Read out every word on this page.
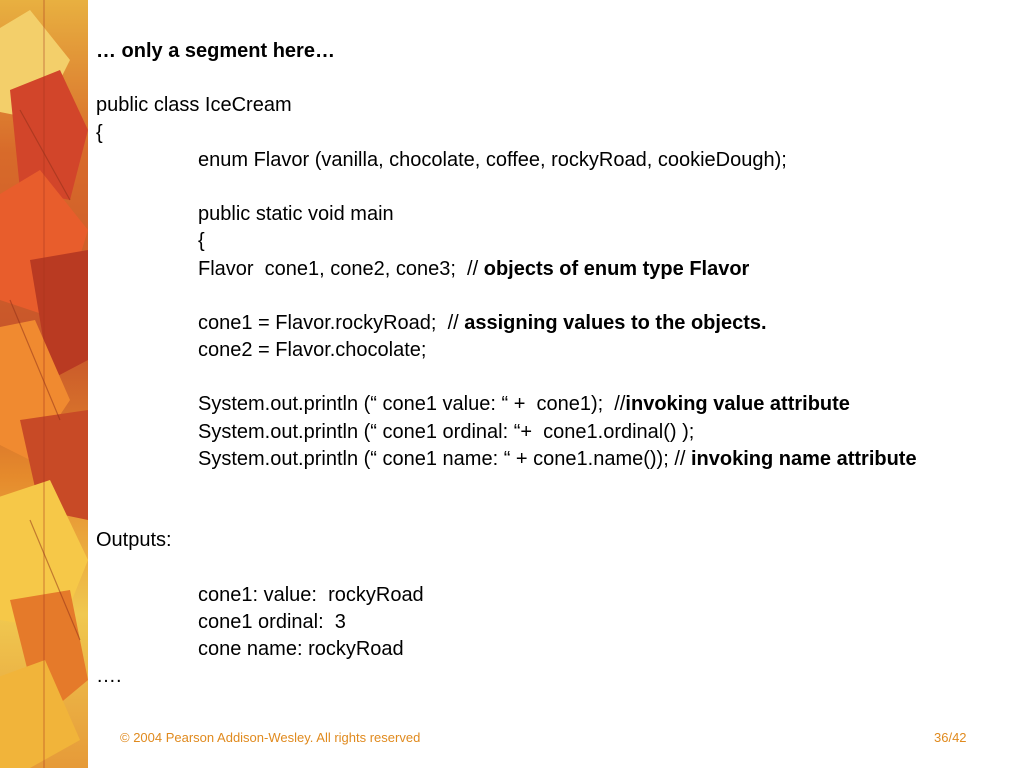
… only a segment here…
public class IceCream
{
enum Flavor (vanilla, chocolate, coffee, rockyRoad, cookieDough);
public static void main
{
Flavor  cone1, cone2, cone3;  // objects of enum type Flavor
cone1 = Flavor.rockyRoad;  // assigning values to the objects.
cone2 = Flavor.chocolate;
System.out.println (“ cone1 value: “ +  cone1);  //invoking value attribute
System.out.println (“ cone1 ordinal: “+  cone1.ordinal() );
System.out.println (“ cone1 name: “ + cone1.name()); // invoking name attribute
Outputs:
cone1: value:  rockyRoad
cone1 ordinal:  3
cone name: rockyRoad
….
© 2004 Pearson Addison-Wesley. All rights reserved	36/42
